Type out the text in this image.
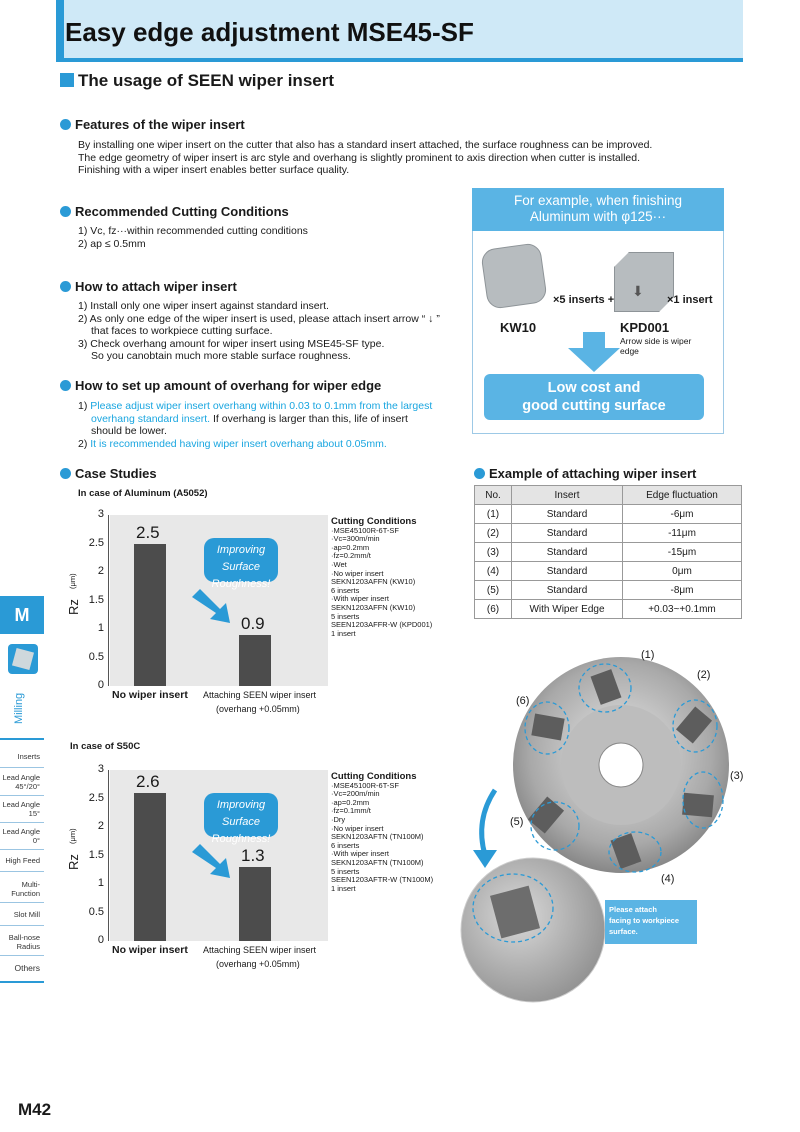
Easy edge adjustment MSE45-SF
The usage of SEEN wiper insert
Features of the wiper insert
By installing one wiper insert on the cutter that also has a standard insert attached, the surface roughness can be improved.
The edge geometry of wiper insert is arc style and overhang is slightly prominent to axis direction when cutter is installed.
Finishing with a wiper insert enables better surface quality.
Recommended Cutting Conditions
1) Vc, fz···within recommended cutting conditions
2) ap ≤ 0.5mm
How to attach wiper insert
1) Install only one wiper insert against standard insert.
2) As only one edge of the wiper insert is used, please attach insert arrow “ ↓ ”
that faces to workpiece cutting surface.
3) Check overhang amount for wiper insert using MSE45-SF type.
So you canobtain much more stable surface roughness.
How to set up amount of overhang for wiper edge
1) Please adjust wiper insert overhang within 0.03 to 0.1mm from the largest
overhang standard insert. If overhang is larger than this, life of insert
should be lower.
2) It is recommended having wiper insert overhang about 0.05mm.
For example, when finishing
Aluminum with φ125···
×5 inserts +
KW10
⬇
×1 insert
KPD001
Arrow side is wiper
edge
Low cost and
good cutting surface
Case Studies
In case of Aluminum (A5052)
0
0.5
1
1.5
2
2.5
3
Rz
(μm)
2.5
0.9
No wiper insert Attaching SEEN wiper insert
(overhang +0.05mm)
Improving Surface
Roughness!
Cutting Conditions
·MSE45100R-6T-SF
·Vc=300m/min
·ap=0.2mm
·fz=0.2mm/t
·Wet
·No wiper insert
SEKN1203AFFN (KW10)
6 inserts
·With wiper insert
SEKN1203AFFN (KW10)
5 inserts
SEEN1203AFFR-W (KPD001)
1 insert
In case of S50C
0
0.5
1
1.5
2
2.5
3
Rz
(μm)
2.6
1.3
No wiper insert Attaching SEEN wiper insert
(overhang +0.05mm)
Improving Surface
Roughness!
Cutting Conditions
·MSE45100R-6T-SF
·Vc=200m/min
·ap=0.2mm
·fz=0.1mm/t
·Dry
·No wiper insert
SEKN1203AFTN (TN100M)
6 inserts
·With wiper insert
SEKN1203AFTN (TN100M)
5 inserts
SEEN1203AFTR-W (TN100M)
1 insert
Example of attaching wiper insert
No.	Insert	Edge fluctuation
(1)	Standard	-6μm
(2)	Standard	-11μm
(3)	Standard	-15μm
(4)	Standard	0μm
(5)	Standard	-8μm
(6)	With Wiper Edge	+0.03~+0.1mm
(1)
(2)
(3)
(4)
(5)
(6)
Please attach
facing to workpiece
surface.
M
Milling
Inserts
Lead Angle
45°/20°
Lead Angle
15°
Lead Angle
0°
High Feed
Multi-
Function
Slot Mill
Ball-nose
Radius
Others
M42
